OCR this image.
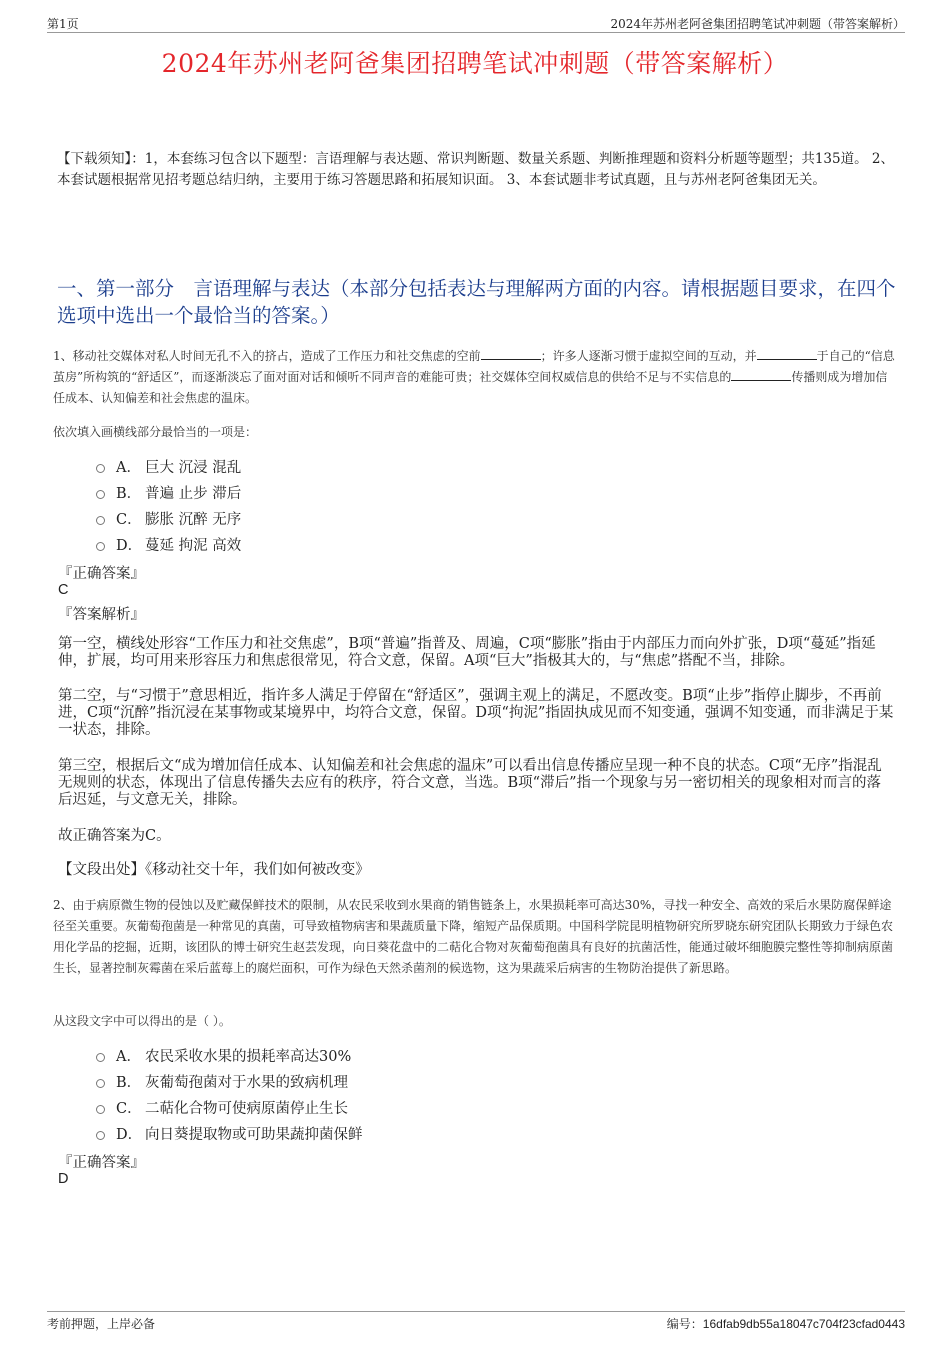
第1页	2024年苏州老阿爸集团招聘笔试冲刺题（带答案解析）
2024年苏州老阿爸集团招聘笔试冲刺题（带答案解析）
【下载须知】：1，本套练习包含以下题型：言语理解与表达题、常识判断题、数量关系题、判断推理题和资料分析题等题型；共135道。 2、本套试题根据常见招考题总结归纳，主要用于练习答题思路和拓展知识面。 3、本套试题非考试真题，且与苏州老阿爸集团无关。
一、第一部分　言语理解与表达（本部分包括表达与理解两方面的内容。请根据题目要求，在四个选项中选出一个最恰当的答案。）
1、移动社交媒体对私人时间无孔不入的挤占，造成了工作压力和社交焦虑的空前	；许多人逐渐习惯于虚拟空间的互动，并	于自己的“信息茧房”所构筑的“舒适区”，而逐渐淡忘了面对面对话和倾听不同声音的难能可贵；社交媒体空间权威信息的供给不足与不实信息的	传播则成为增加信任成本、认知偏差和社会焦虑的温床。
依次填入画横线部分最恰当的一项是：
A． 巨大 沉浸 混乱
B． 普遍 止步 滞后
C． 膨胀 沉醉 无序
D． 蔓延 拘泥 高效
『正确答案』
C
『答案解析』
第一空，横线处形容“工作压力和社交焦虑”，B项“普遍”指普及、周遍，C项“膨胀”指由于内部压力而向外扩张，D项“蔓延”指延伸，扩展，均可用来形容压力和焦虑很常见，符合文意，保留。A项“巨大”指极其大的，与“焦虑”搭配不当，排除。
第二空，与“习惯于”意思相近，指许多人满足于停留在“舒适区”，强调主观上的满足，不愿改变。B项“止步”指停止脚步，不再前进，C项“沉醉”指沉浸在某事物或某境界中，均符合文意，保留。D项“拘泥”指固执成见而不知变通，强调不知变通，而非满足于某一状态，排除。
第三空，根据后文“成为增加信任成本、认知偏差和社会焦虑的温床”可以看出信息传播应呈现一种不良的状态。C项“无序”指混乱无规则的状态，体现出了信息传播失去应有的秩序，符合文意，当选。B项“滞后”指一个现象与另一密切相关的现象相对而言的落后迟延，与文意无关，排除。
故正确答案为C。
【文段出处】《移动社交十年，我们如何被改变》
2、由于病原微生物的侵蚀以及贮藏保鲜技术的限制，从农民采收到水果商的销售链条上，水果损耗率可高达30%，寻找一种安全、高效的采后水果防腐保鲜途径至关重要。灰葡萄孢菌是一种常见的真菌，可导致植物病害和果蔬质量下降，缩短产品保质期。中国科学院昆明植物研究所罗晓东研究团队长期致力于绿色农用化学品的挖掘，近期，该团队的博士研究生赵芸发现，向日葵花盘中的二萜化合物对灰葡萄孢菌具有良好的抗菌活性，能通过破坏细胞膜完整性等抑制病原菌生长，显著控制灰霉菌在采后蓝莓上的腐烂面积，可作为绿色天然杀菌剂的候选物，这为果蔬采后病害的生物防治提供了新思路。
从这段文字中可以得出的是（ ）。
A． 农民采收水果的损耗率高达30%
B． 灰葡萄孢菌对于水果的致病机理
C． 二萜化合物可使病原菌停止生长
D． 向日葵提取物或可助果蔬抑菌保鲜
『正确答案』
D
考前押题，上岸必备	编号：16dfab9db55a18047c704f23cfad0443
